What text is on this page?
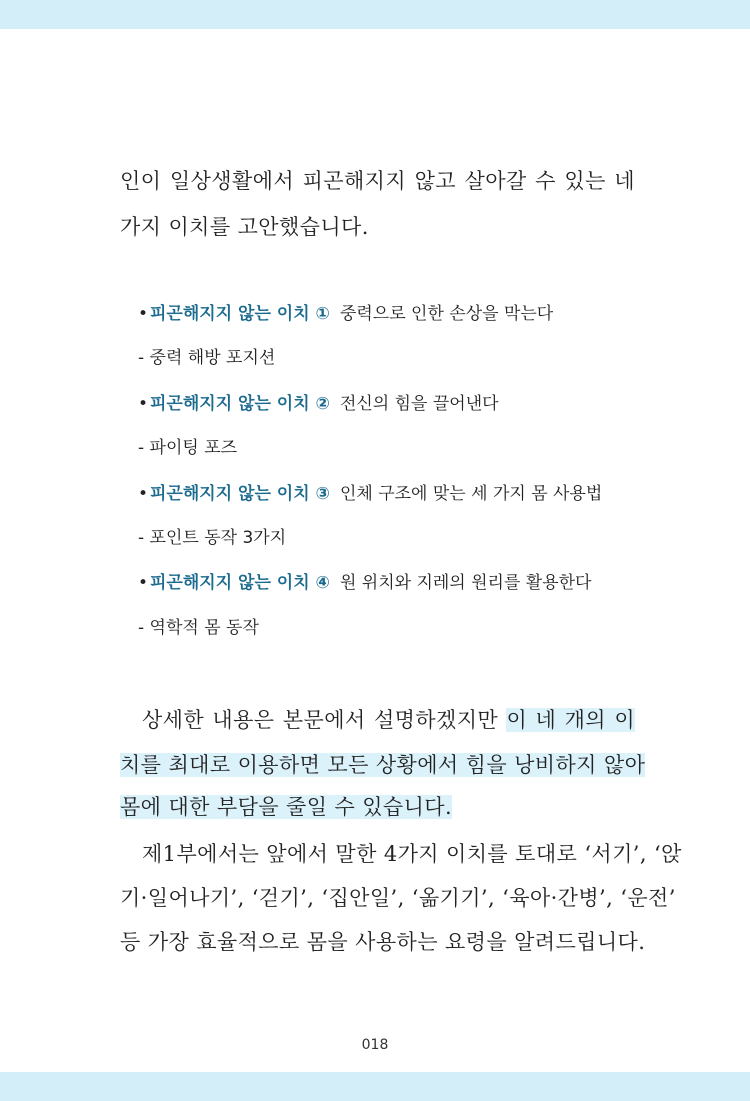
인이 일상생활에서 피곤해지지 않고 살아갈 수 있는 네
가지 이치를 고안했습니다.
• 피곤해지지 않는 이치 ① 중력으로 인한 손상을 막는다
- 중력 해방 포지션
• 피곤해지지 않는 이치 ② 전신의 힘을 끌어낸다
- 파이팅 포즈
• 피곤해지지 않는 이치 ③ 인체 구조에 맞는 세 가지 몸 사용법
- 포인트 동작 3가지
• 피곤해지지 않는 이치 ④ 원 위치와 지레의 원리를 활용한다
- 역학적 몸 동작
상세한 내용은 본문에서 설명하겠지만 이 네 개의 이
치를 최대로 이용하면 모든 상황에서 힘을 낭비하지 않아
몸에 대한 부담을 줄일 수 있습니다.
제1부에서는 앞에서 말한 4가지 이치를 토대로 ‘서기’, ‘앉
기·일어나기’, ‘걷기’, ‘집안일’, ‘옮기기’, ‘육아·간병’, ‘운전’
등 가장 효율적으로 몸을 사용하는 요령을 알려드립니다.
018
